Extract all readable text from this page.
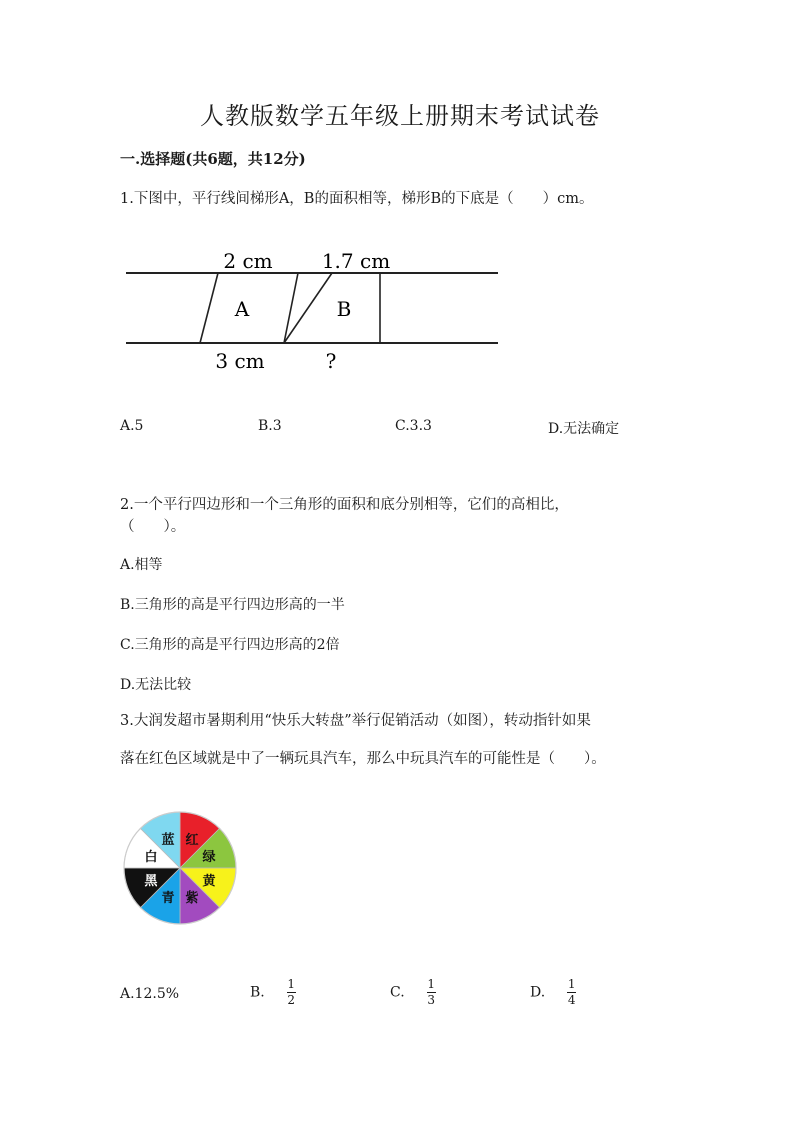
人教版数学五年级上册期末考试试卷
一.选择题(共6题，共12分)
1.下图中，平行线间梯形A，B的面积相等，梯形B的下底是（　　）cm。
2 cm 1.7 cm
A	B
3 cm	?
A.5	B.3	C.3.3	D.无法确定
2.一个平行四边形和一个三角形的面积和底分别相等，它们的高相比，
（　　）。
A.相等
B.三角形的高是平行四边形高的一半
C.三角形的高是平行四边形高的2倍
D.无法比较
3.大润发超市暑期利用“快乐大转盘”举行促销活动（如图），转动指针如果
落在红色区域就是中了一辆玩具汽车，那么中玩具汽车的可能性是（　　）。
红
绿
黄
紫
青
黑
白
蓝
A.12.5%	B. $\frac{1}{2}$	C. $\frac{1}{3}$	D. $\frac{1}{4}$
